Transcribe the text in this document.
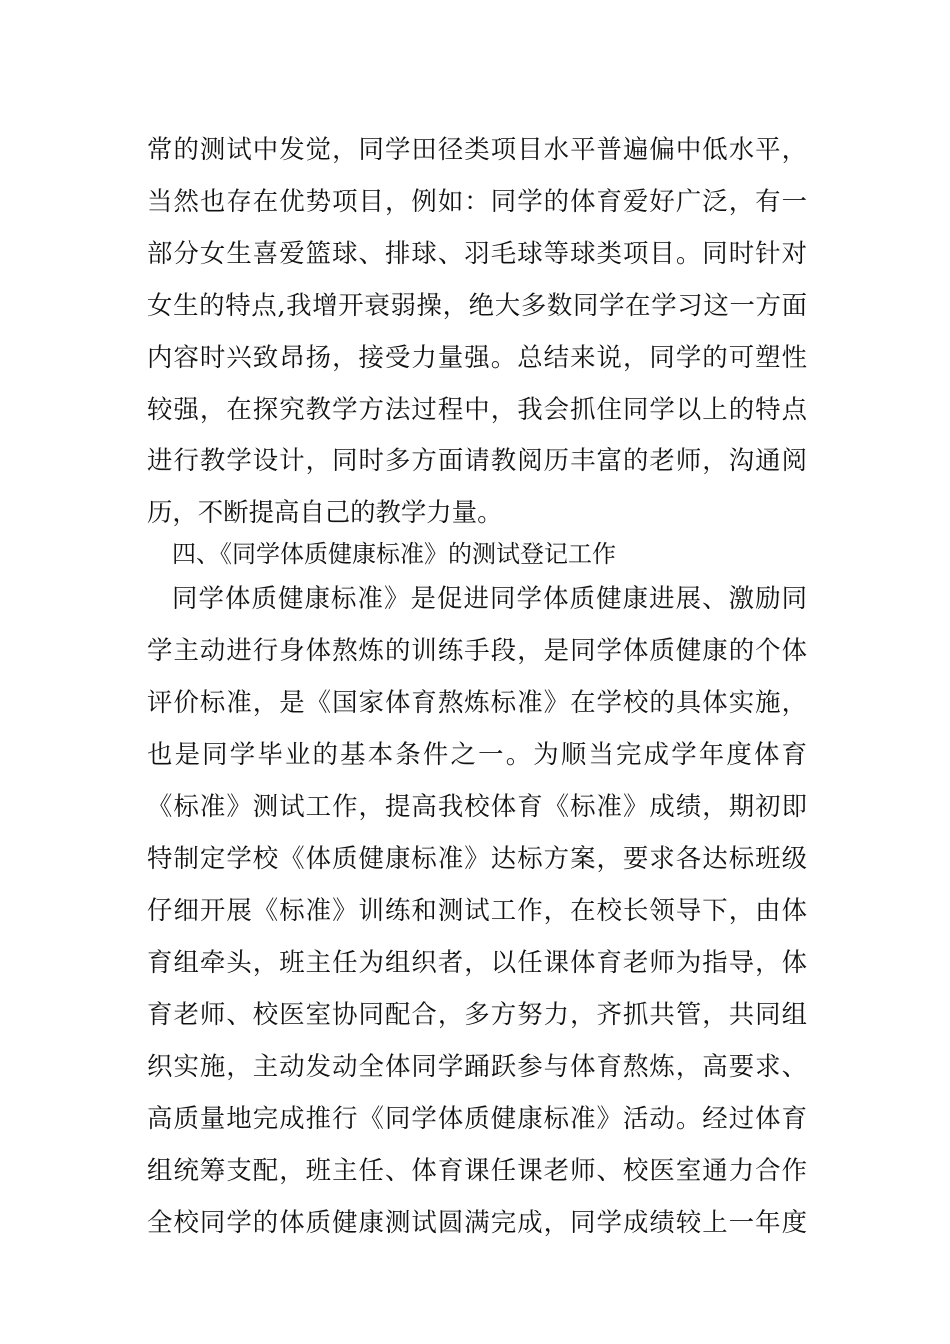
常的测试中发觉，同学田径类项目水平普遍偏中低水平，
当然也存在优势项目，例如：同学的体育爱好广泛，有一
部分女生喜爱篮球、排球、羽毛球等球类项目。同时针对
女生的特点,我增开衰弱操，绝大多数同学在学习这一方面
内容时兴致昂扬，接受力量强。总结来说，同学的可塑性
较强，在探究教学方法过程中，我会抓住同学以上的特点
进行教学设计，同时多方面请教阅历丰富的老师，沟通阅
历，不断提高自己的教学力量。
四、《同学体质健康标准》的测试登记工作
同学体质健康标准》是促进同学体质健康进展、激励同
学主动进行身体熬炼的训练手段，是同学体质健康的个体
评价标准，是《国家体育熬炼标准》在学校的具体实施，
也是同学毕业的基本条件之一。为顺当完成学年度体育
《标准》测试工作，提高我校体育《标准》成绩，期初即
特制定学校《体质健康标准》达标方案，要求各达标班级
仔细开展《标准》训练和测试工作，在校长领导下，由体
育组牵头，班主任为组织者，以任课体育老师为指导，体
育老师、校医室协同配合，多方努力，齐抓共管，共同组
织实施，主动发动全体同学踊跃参与体育熬炼，高要求、
高质量地完成推行《同学体质健康标准》活动。经过体育
组统筹支配，班主任、体育课任课老师、校医室通力合作
全校同学的体质健康测试圆满完成，同学成绩较上一年度
